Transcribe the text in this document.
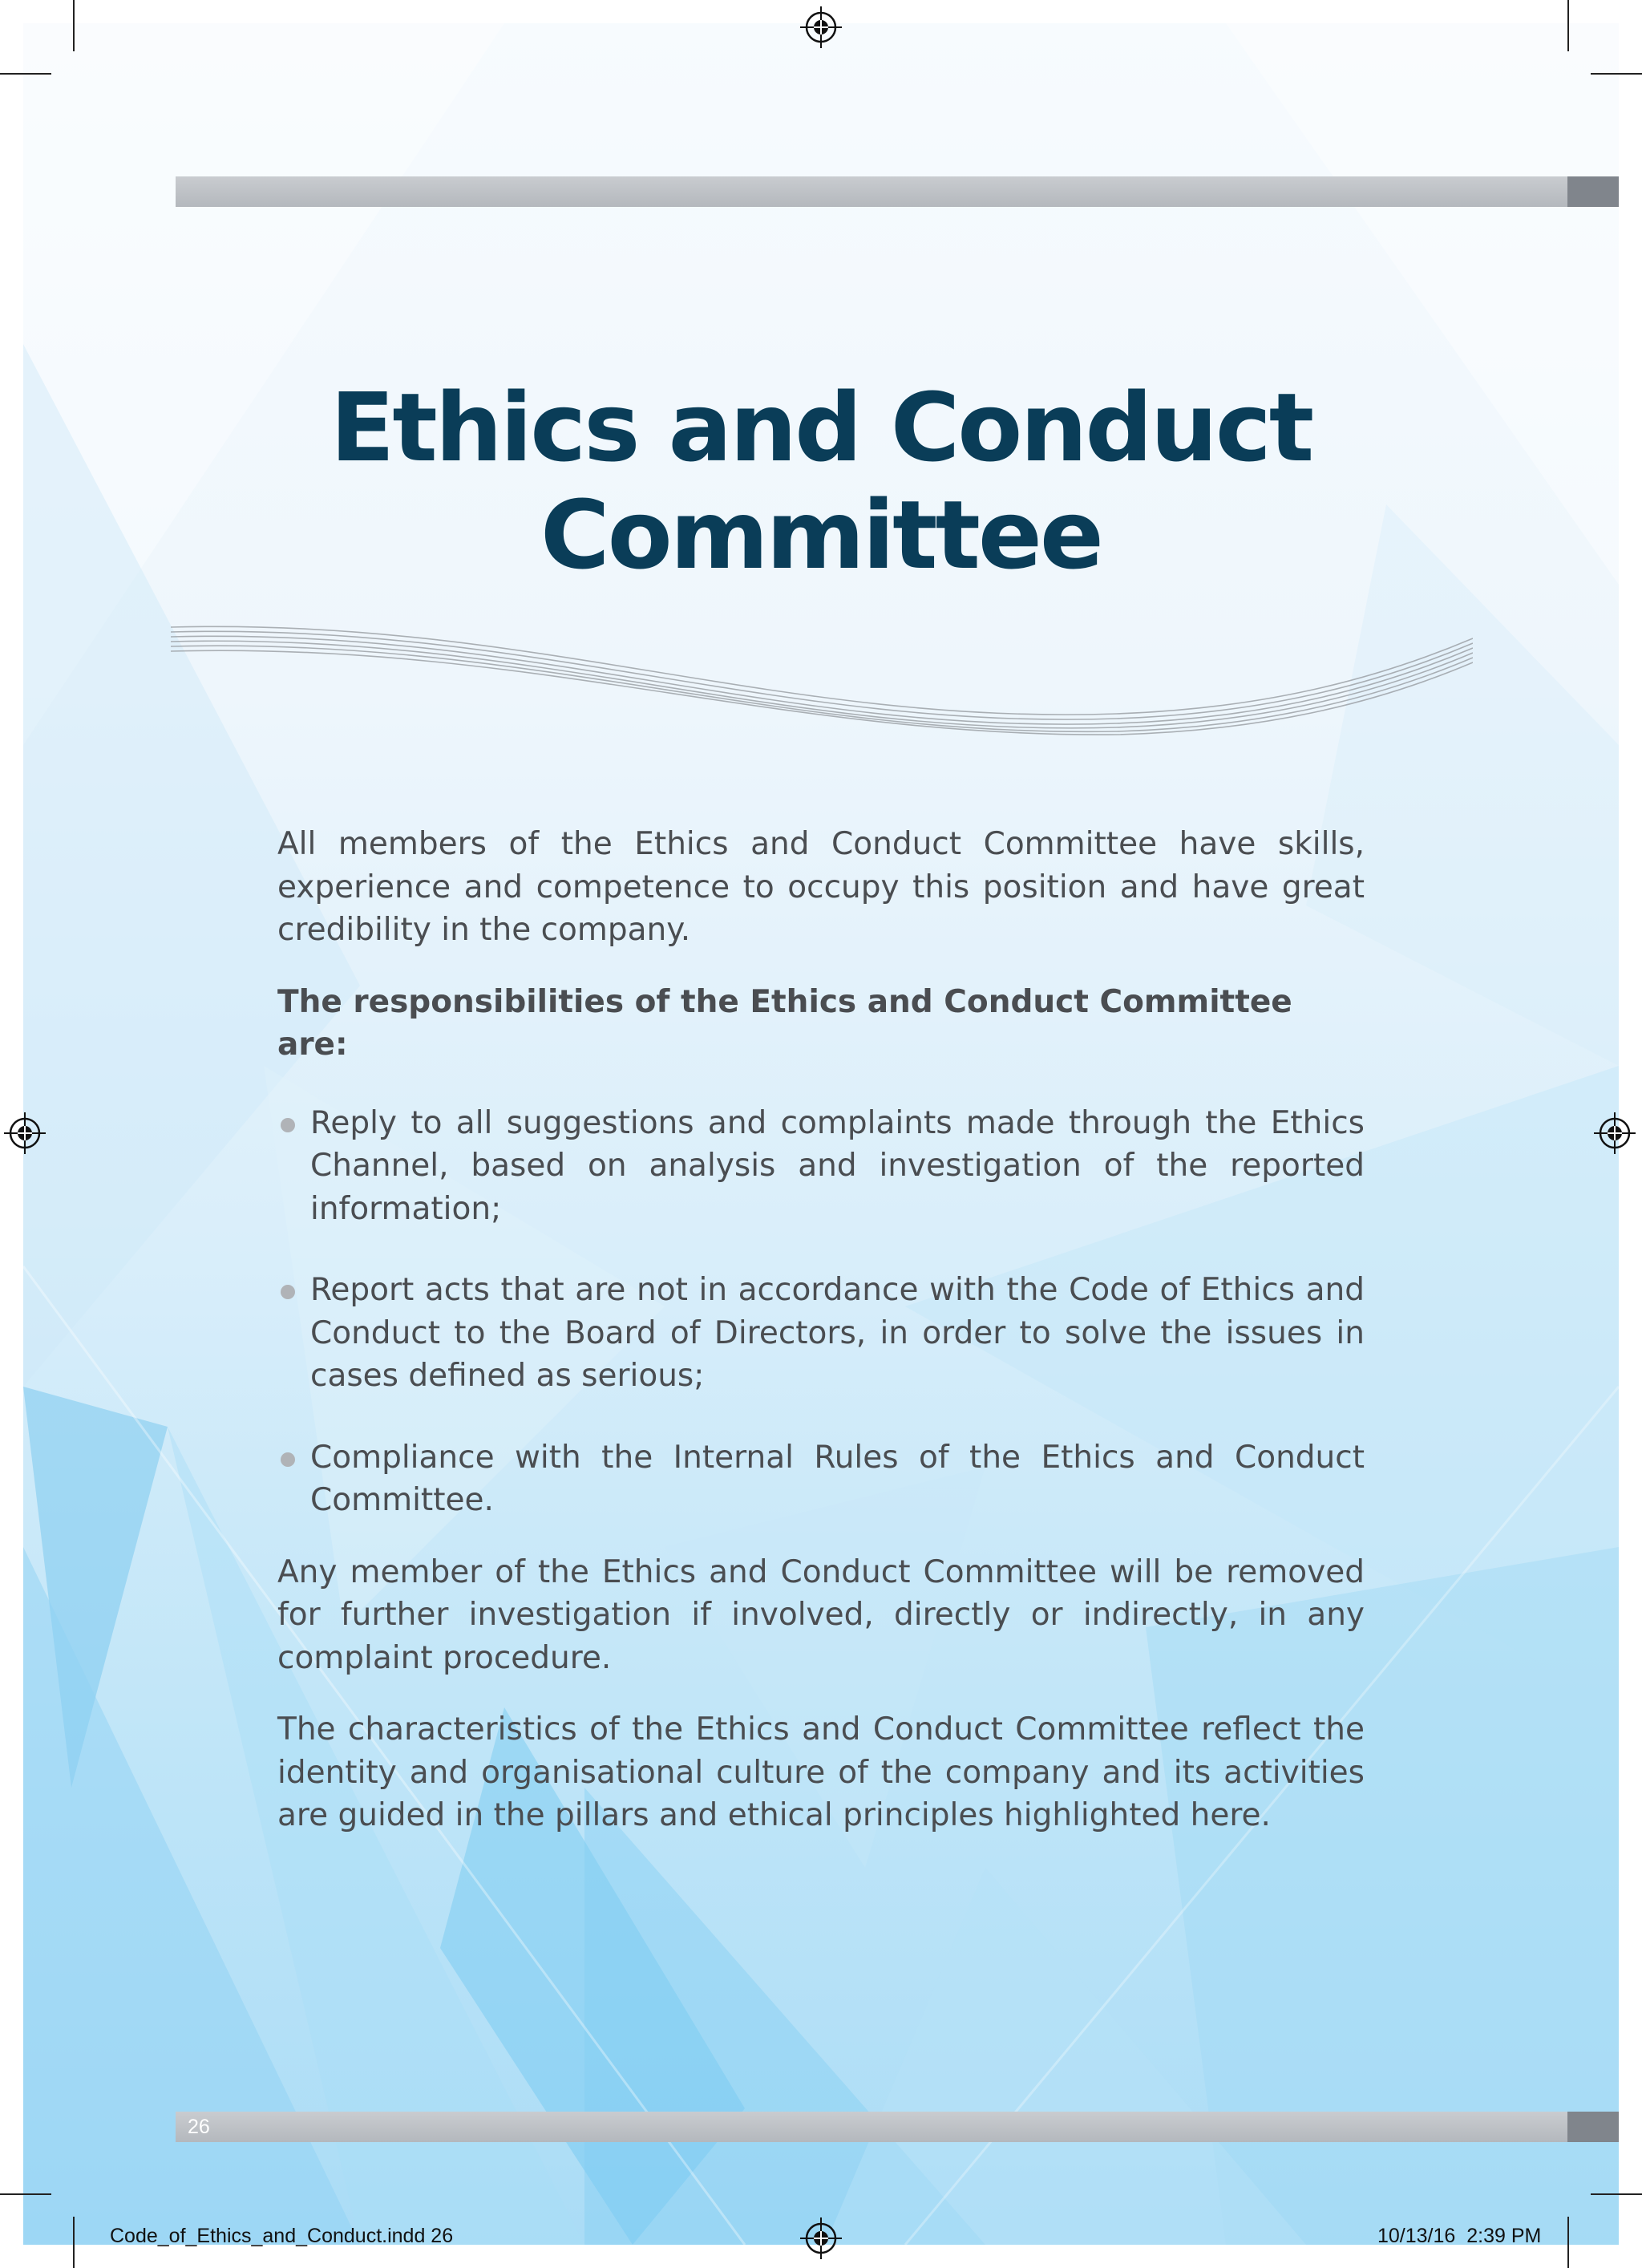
Ethics and Conduct
Committee

All members of the Ethics and Conduct Committee have skills, experience and competence to occupy this position and have great credibility in the company.

The responsibilities of the Ethics and Conduct Committee are:

Reply to all suggestions and complaints made through the Ethics Channel, based on analysis and investigation of the reported information;
Report acts that are not in accordance with the Code of Ethics and Conduct to the Board of Directors, in order to solve the issues in cases defined as serious;
Compliance with the Internal Rules of the Ethics and Conduct Committee.

Any member of the Ethics and Conduct Committee will be removed for further investigation if involved, directly or indirectly, in any complaint procedure.

The characteristics of the Ethics and Conduct Committee reflect the identity and organisational culture of the company and its activities are guided in the pillars and ethical principles highlighted here.

26
Code_of_Ethics_and_Conduct.indd 26	10/13/16 2:39 PM
